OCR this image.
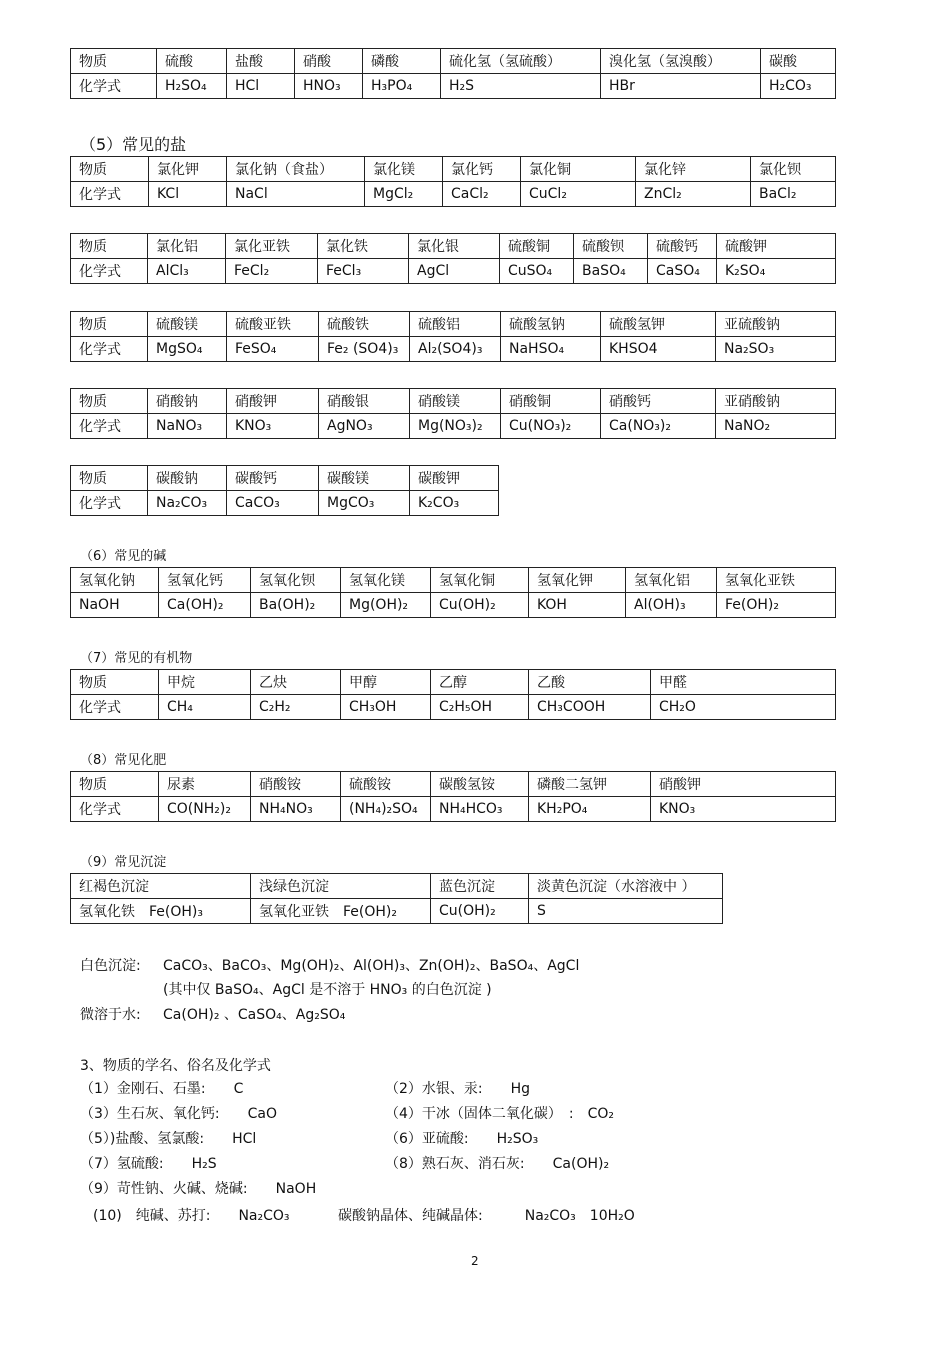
物质	硫酸	盐酸	硝酸	磷酸	硫化氢（氢硫酸）	溴化氢（氢溴酸）	碳酸
化学式	H₂SO₄	HCl	HNO₃	H₃PO₄	H₂S	HBr	H₂CO₃
（5）常见的盐
物质	氯化钾	氯化钠（食盐）	氯化镁	氯化钙	氯化铜	氯化锌	氯化钡
化学式	KCl	NaCl	MgCl₂	CaCl₂	CuCl₂	ZnCl₂	BaCl₂
物质	氯化铝	氯化亚铁	氯化铁	氯化银	硫酸铜	硫酸钡	硫酸钙	硫酸钾
化学式	AlCl₃	FeCl₂	FeCl₃	AgCl	CuSO₄	BaSO₄	CaSO₄	K₂SO₄
物质	硫酸镁	硫酸亚铁	硫酸铁	硫酸铝	硫酸氢钠	硫酸氢钾	亚硫酸钠
化学式	MgSO₄	FeSO₄	Fe₂ (SO4)₃	Al₂(SO4)₃	NaHSO₄	KHSO4	Na₂SO₃
物质	硝酸钠	硝酸钾	硝酸银	硝酸镁	硝酸铜	硝酸钙	亚硝酸钠
化学式	NaNO₃	KNO₃	AgNO₃	Mg(NO₃)₂	Cu(NO₃)₂	Ca(NO₃)₂	NaNO₂
物质	碳酸钠	碳酸钙	碳酸镁	碳酸钾
化学式	Na₂CO₃	CaCO₃	MgCO₃	K₂CO₃
（6）常见的碱
氢氧化钠	氢氧化钙	氢氧化钡	氢氧化镁	氢氧化铜	氢氧化钾	氢氧化铝	氢氧化亚铁
NaOH	Ca(OH)₂	Ba(OH)₂	Mg(OH)₂	Cu(OH)₂	KOH	Al(OH)₃	Fe(OH)₂
（7）常见的有机物
物质	甲烷	乙炔	甲醇	乙醇	乙酸	甲醛
化学式	CH₄	C₂H₂	CH₃OH	C₂H₅OH	CH₃COOH	CH₂O
（8）常见化肥
物质	尿素	硝酸铵	硫酸铵	碳酸氢铵	磷酸二氢钾	硝酸钾
化学式	CO(NH₂)₂	NH₄NO₃	(NH₄)₂SO₄	NH₄HCO₃	KH₂PO₄	KNO₃
（9）常见沉淀
红褐色沉淀	浅绿色沉淀	蓝色沉淀	淡黄色沉淀（水溶液中 ）
氢氧化铁　Fe(OH)₃	氢氧化亚铁　Fe(OH)₂	Cu(OH)₂	S
白色沉淀: CaCO₃、BaCO₃、Mg(OH)₂、Al(OH)₃、Zn(OH)₂、BaSO₄、AgCl
(其中仅 BaSO₄、AgCl 是不溶于 HNO₃ 的白色沉淀 )
微溶于水: Ca(OH)₂ 、CaSO₄、Ag₂SO₄
3、物质的学名、俗名及化学式
（1）金刚石、石墨:　　C	（2）水银、汞:　　Hg
（3）生石灰、氧化钙:　　CaO	（4）干冰（固体二氧化碳）　:　CO₂
（5）)盐酸、氢氯酸:　　HCl	（6）亚硫酸:　　H₂SO₃
（7）氢硫酸:　　H₂S	（8）熟石灰、消石灰:　　Ca(OH)₂
（9）苛性钠、火碱、烧碱:　　NaOH
(10)　纯碱、苏打:　　Na₂CO₃	碳酸钠晶体、纯碱晶体:　　　Na₂CO₃　10H₂O
2
